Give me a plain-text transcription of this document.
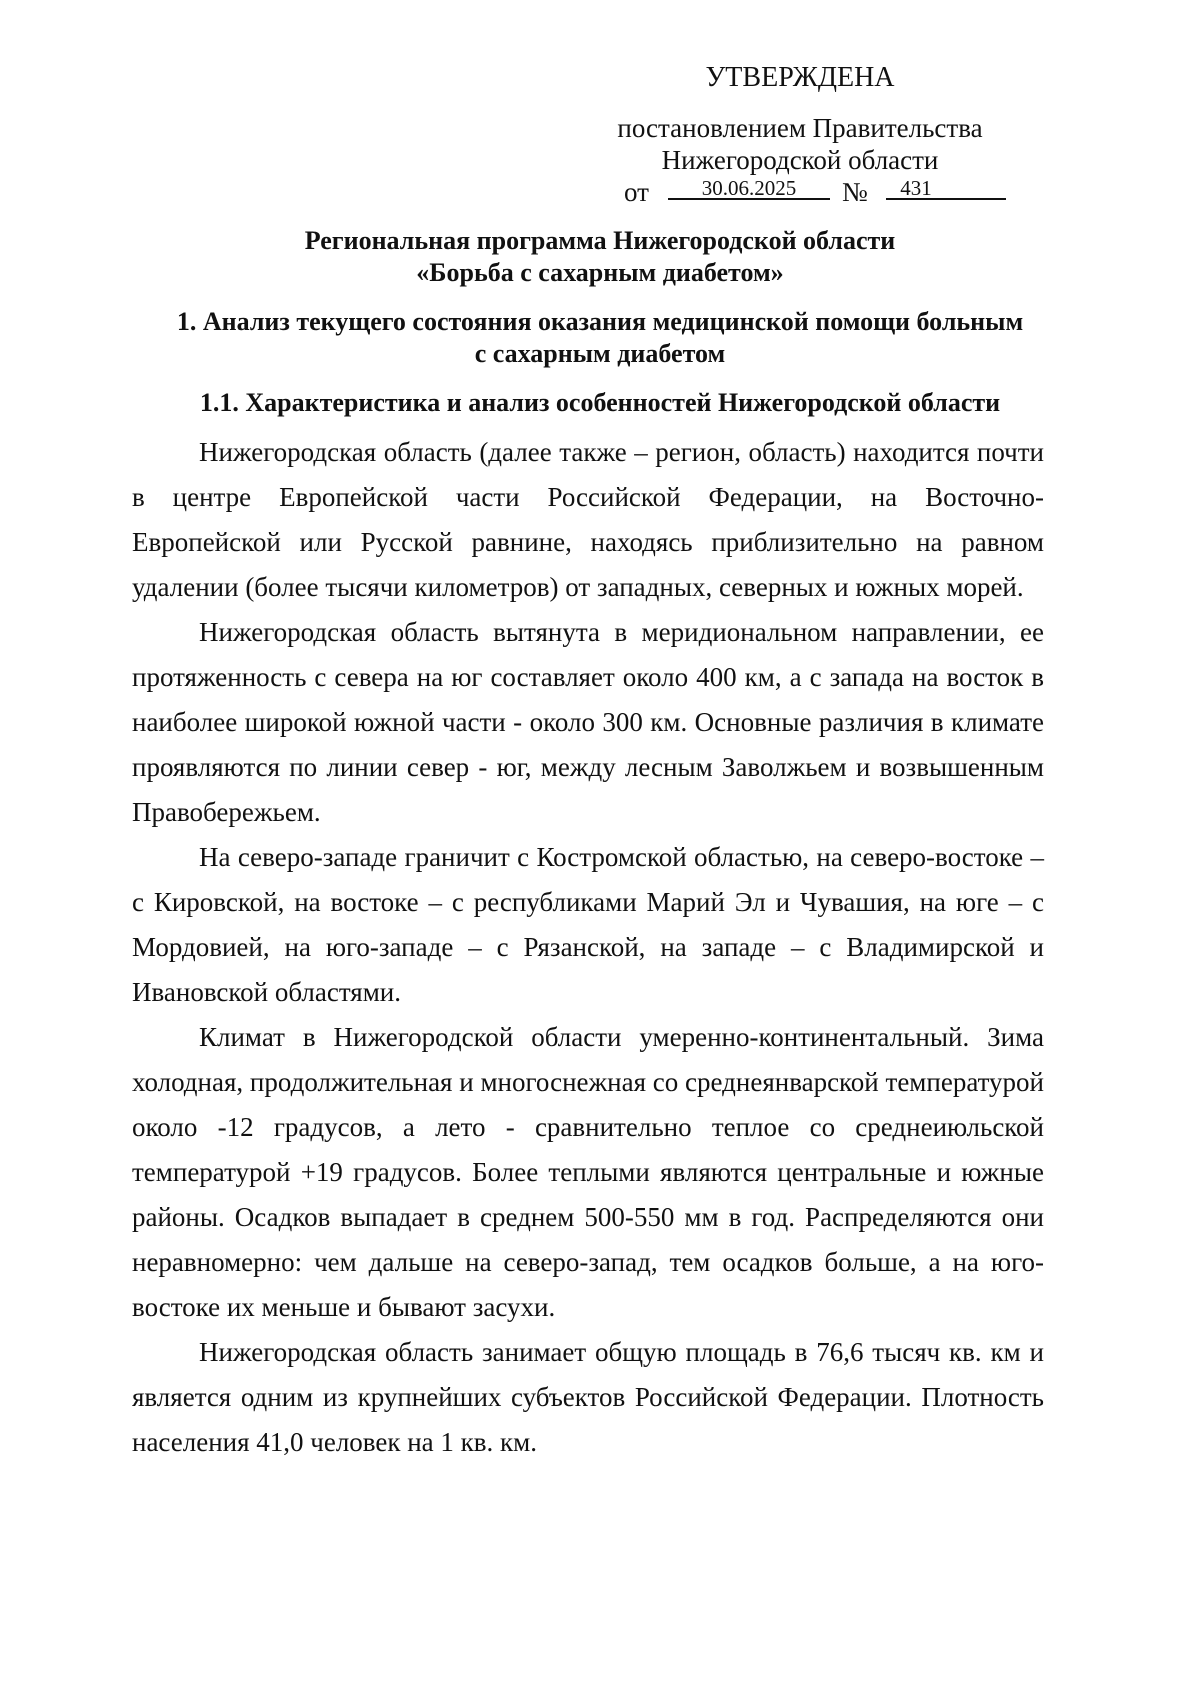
УТВЕРЖДЕНА
постановлением Правительства
Нижегородской области
от	30.06.2025	№	431
Региональная программа Нижегородской области
«Борьба с сахарным диабетом»
1. Анализ текущего состояния оказания медицинской помощи больным
с сахарным диабетом
1.1. Характеристика и анализ особенностей Нижегородской области

Нижегородская область (далее также – регион, область) находится почти в центре Европейской части Российской Федерации, на Восточно-Европейской или Русской равнине, находясь приблизительно на равном удалении (более тысячи километров) от западных, северных и южных морей.

Нижегородская область вытянута в меридиональном направлении, ее протяженность с севера на юг составляет около 400 км, а с запада на восток в наиболее широкой южной части - около 300 км. Основные различия в климате проявляются по линии север - юг, между лесным Заволжьем и возвышенным Правобережьем.

На северо-западе граничит с Костромской областью, на северо-востоке – с Кировской, на востоке – с республиками Марий Эл и Чувашия, на юге – с Мордовией, на юго-западе – с Рязанской, на западе – с Владимирской и Ивановской областями.

Климат в Нижегородской области умеренно-континентальный. Зима холодная, продолжительная и многоснежная со среднеянварской температурой около -12 градусов, а лето - сравнительно теплое со среднеиюльской температурой +19 градусов. Более теплыми являются центральные и южные районы. Осадков выпадает в среднем 500-550 мм в год. Распределяются они неравномерно: чем дальше на северо-запад, тем осадков больше, а на юго-востоке их меньше и бывают засухи.

Нижегородская область занимает общую площадь в 76,6 тысяч кв. км и является одним из крупнейших субъектов Российской Федерации. Плотность населения 41,0 человек на 1 кв. км.
